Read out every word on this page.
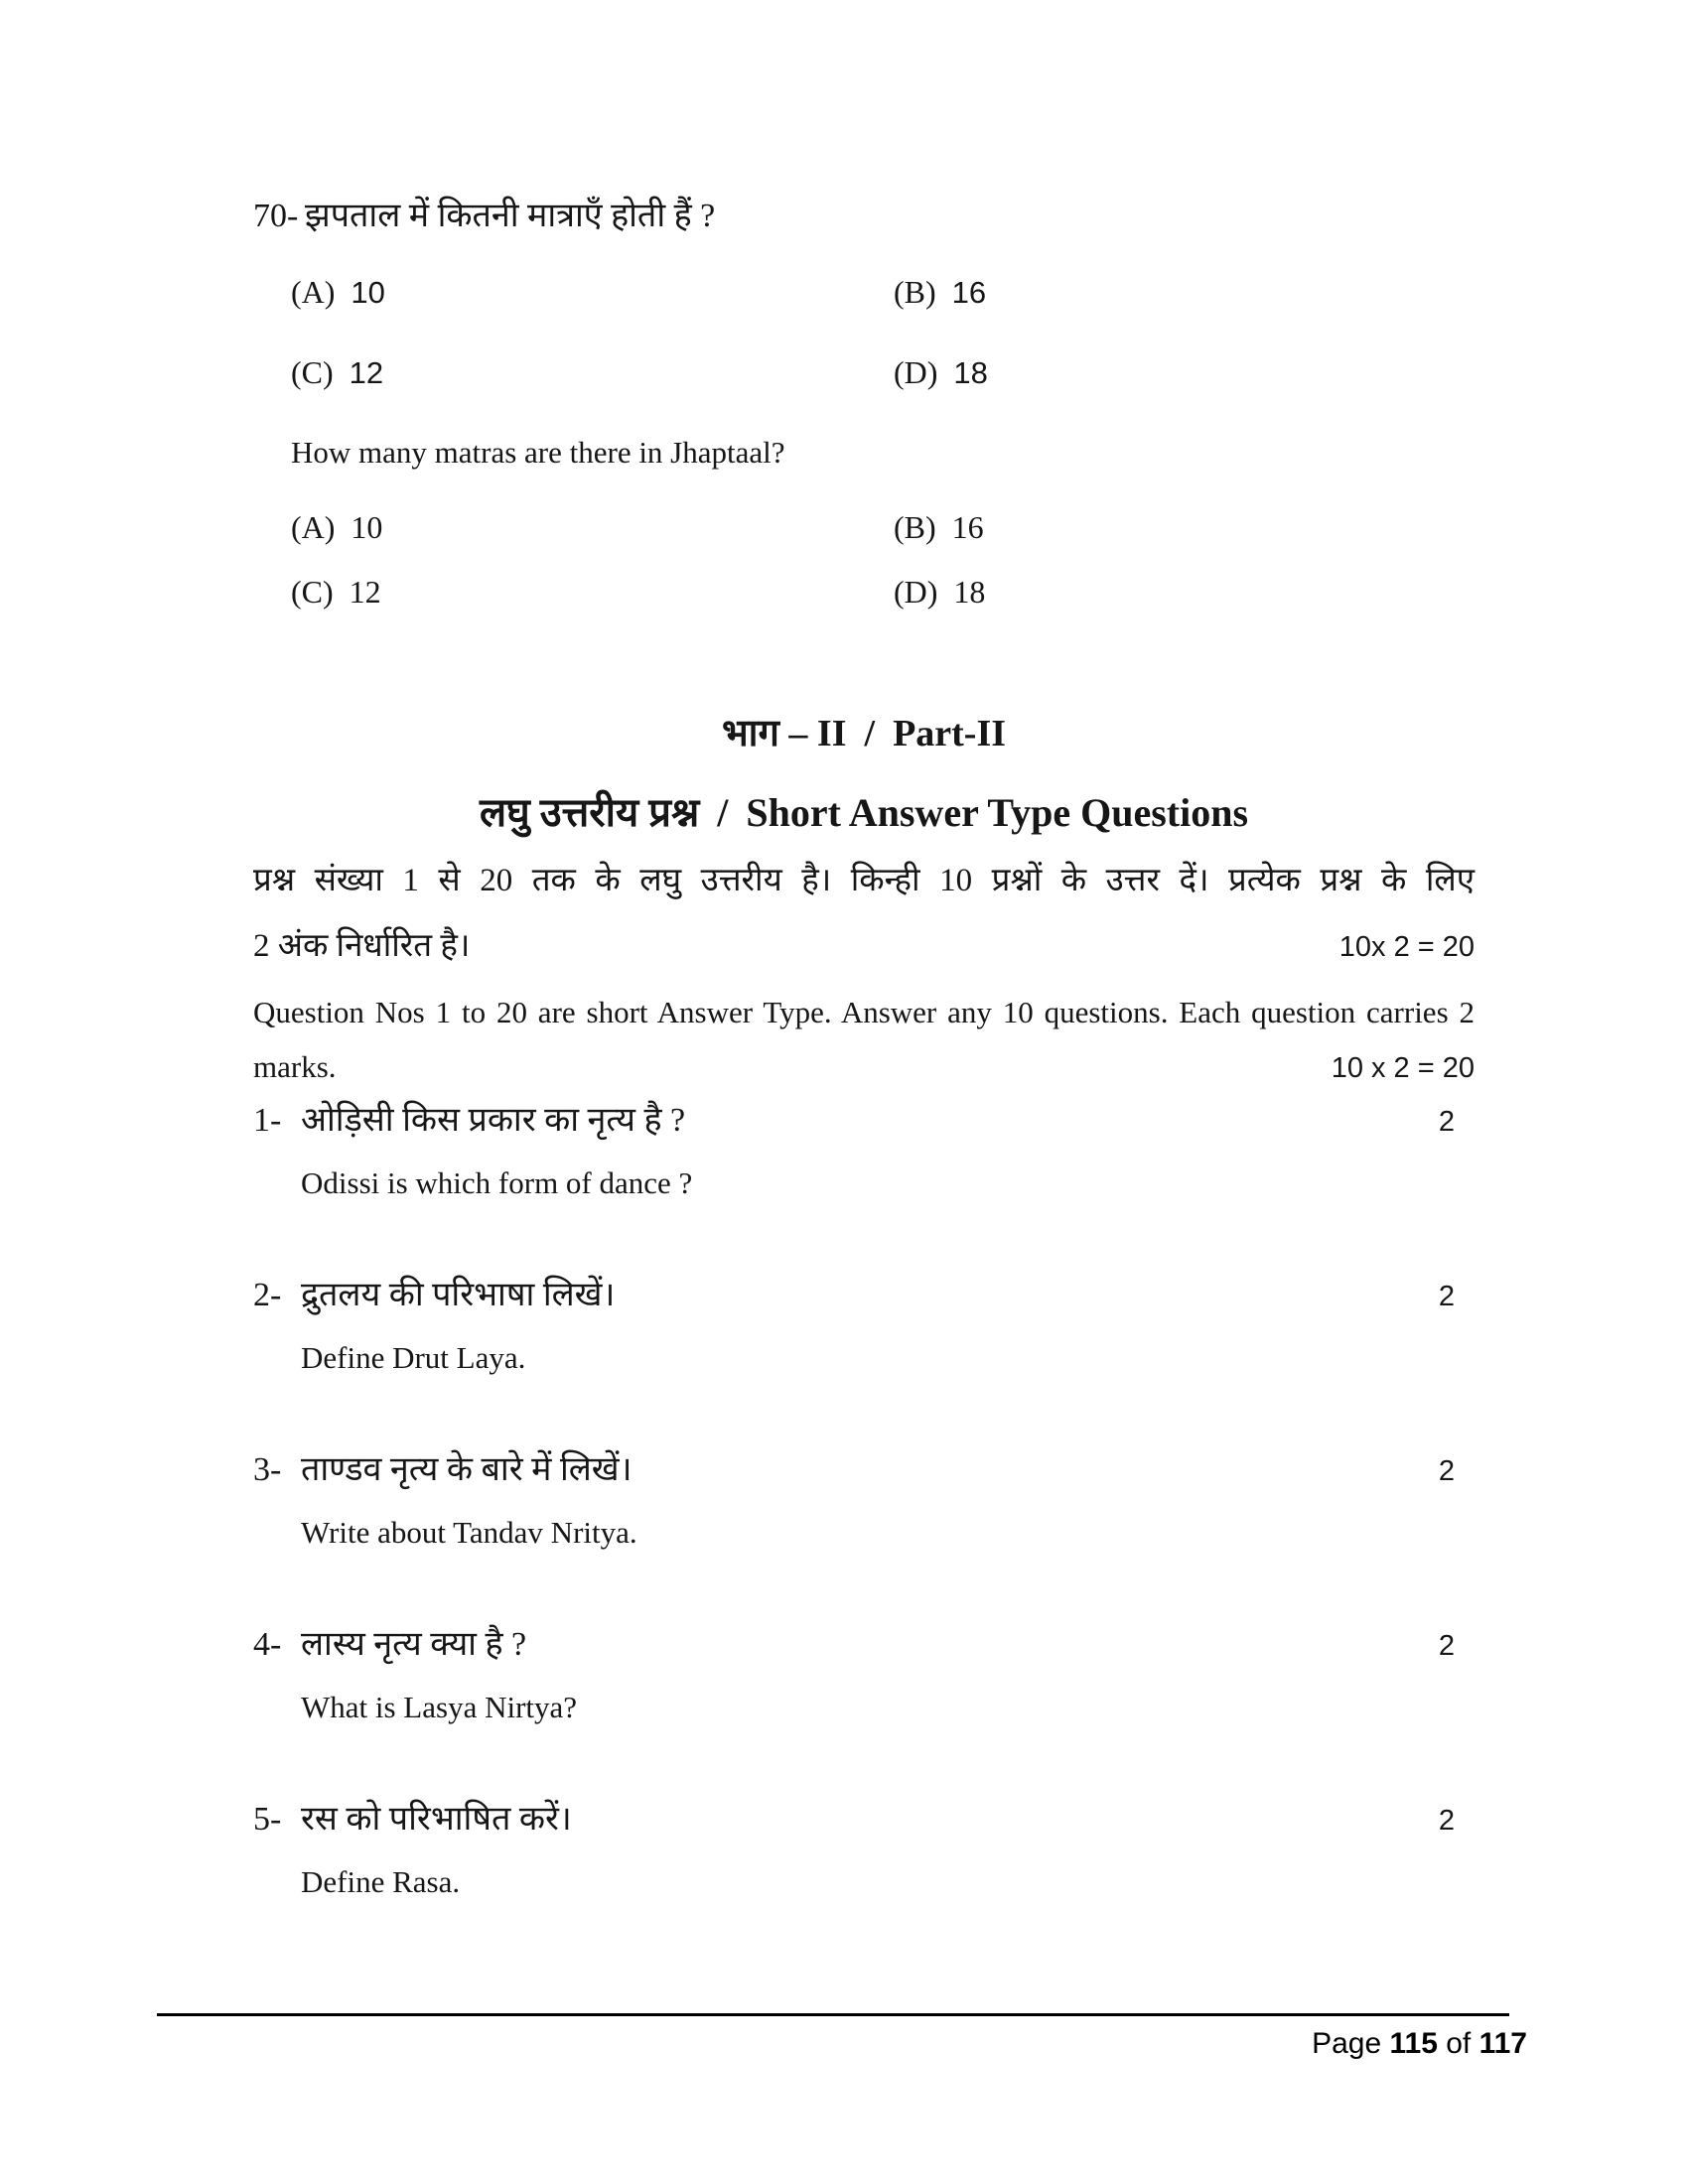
70- झपताल में कितनी मात्राएँ होती हैं ?
(A) 10	(B) 16
(C) 12	(D) 18
How many matras are there in Jhaptaal?
(A) 10	(B) 16
(C) 12	(D) 18
भाग – II / Part-II
लघु उत्तरीय प्रश्न / Short Answer Type Questions
प्रश्न संख्या 1 से 20 तक के लघु उत्तरीय है। किन्ही 10 प्रश्नों के उत्तर दें। प्रत्येक प्रश्न के लिए
2 अंक निर्धारित है।	10x 2 = 20
Question Nos 1 to 20 are short Answer Type. Answer any 10 questions. Each question carries 2
marks.	10 x 2 = 20
1- ओड़िसी किस प्रकार का नृत्य है ?	2
Odissi is which form of dance ?
2- द्रुतलय की परिभाषा लिखें।	2
Define Drut Laya.
3- ताण्डव नृत्य के बारे में लिखें।	2
Write about Tandav Nritya.
4- लास्य नृत्य क्या है ?	2
What is Lasya Nirtya?
5- रस को परिभाषित करें।	2
Define Rasa.
Page 115 of 117
